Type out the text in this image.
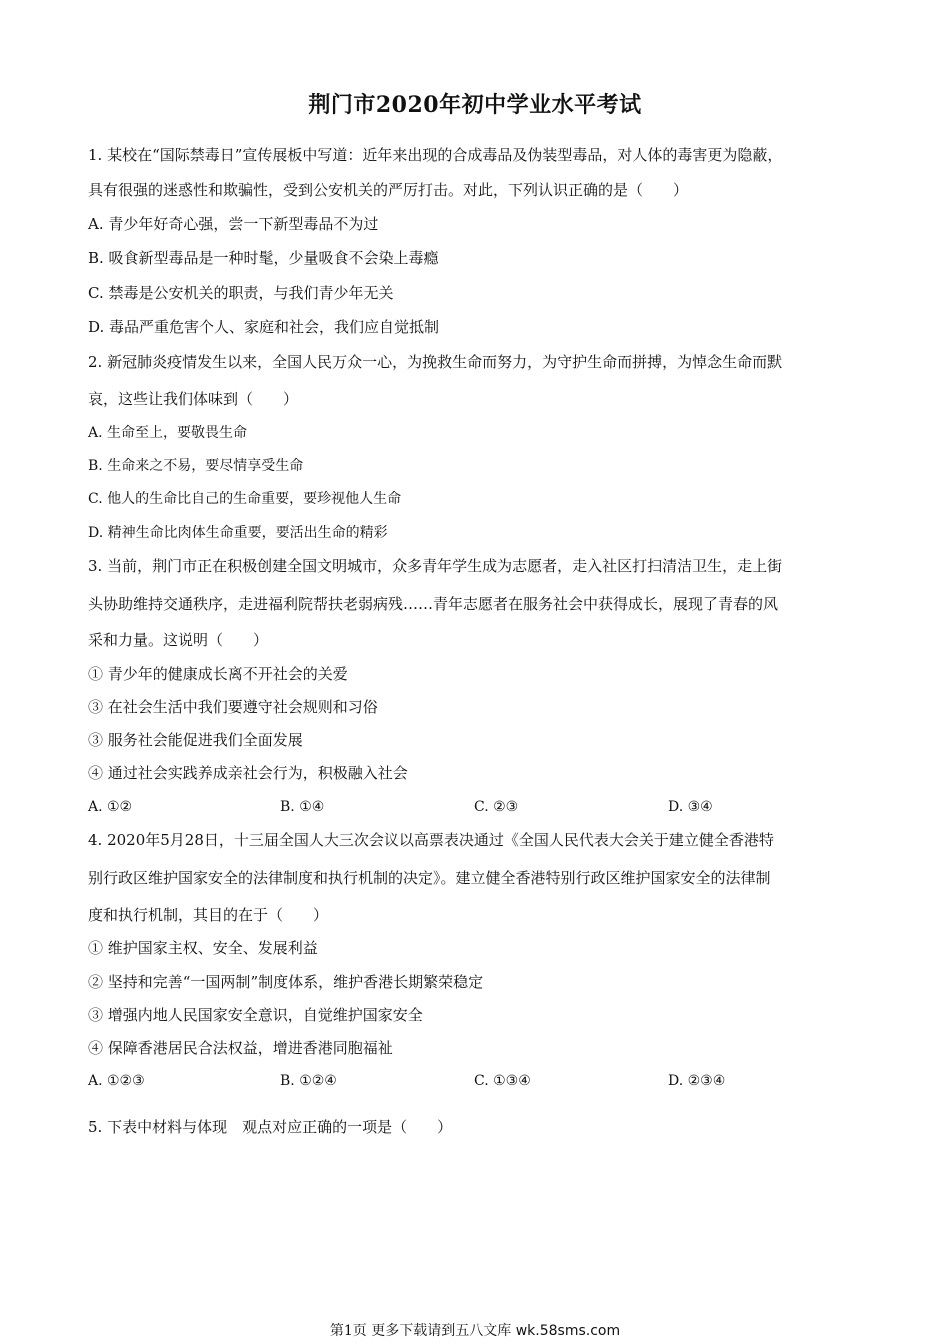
荆门市2020年初中学业水平考试
1. 某校在“国际禁毒日”宣传展板中写道：近年来出现的合成毒品及伪装型毒品，对人体的毒害更为隐蔽，
具有很强的迷惑性和欺骗性，受到公安机关的严厉打击。对此，下列认识正确的是（　　）
A. 青少年好奇心强，尝一下新型毒品不为过
B. 吸食新型毒品是一种时髦，少量吸食不会染上毒瘾
C. 禁毒是公安机关的职责，与我们青少年无关
D. 毒品严重危害个人、家庭和社会，我们应自觉抵制
2. 新冠肺炎疫情发生以来，全国人民万众一心，为挽救生命而努力，为守护生命而拼搏，为悼念生命而默
哀，这些让我们体味到（　　）
A. 生命至上，要敬畏生命
B. 生命来之不易，要尽情享受生命
C. 他人的生命比自己的生命重要，要珍视他人生命
D. 精神生命比肉体生命重要，要活出生命的精彩
3. 当前，荆门市正在积极创建全国文明城市，众多青年学生成为志愿者，走入社区打扫清洁卫生，走上街
头协助维持交通秩序，走进福利院帮扶老弱病残……青年志愿者在服务社会中获得成长，展现了青春的风
采和力量。这说明（　　）
① 青少年的健康成长离不开社会的关爱
③ 在社会生活中我们要遵守社会规则和习俗
③ 服务社会能促进我们全面发展
④ 通过社会实践养成亲社会行为，积极融入社会
A. ①②	B. ①④	C. ②③	D. ③④
4. 2020年5月28日，十三届全国人大三次会议以高票表决通过《全国人民代表大会关于建立健全香港特
别行政区维护国家安全的法律制度和执行机制的决定》。建立健全香港特别行政区维护国家安全的法律制
度和执行机制，其目的在于（　　）
① 维护国家主权、安全、发展利益
② 坚持和完善“一国两制”制度体系，维护香港长期繁荣稳定
③ 增强内地人民国家安全意识，自觉维护国家安全
④ 保障香港居民合法权益，增进香港同胞福祉
A. ①②③	B. ①②④	C. ①③④	D. ②③④
5. 下表中材料与体现　观点对应正确的一项是（　　）
第1页 更多下载请到五八文库 wk.58sms.com
